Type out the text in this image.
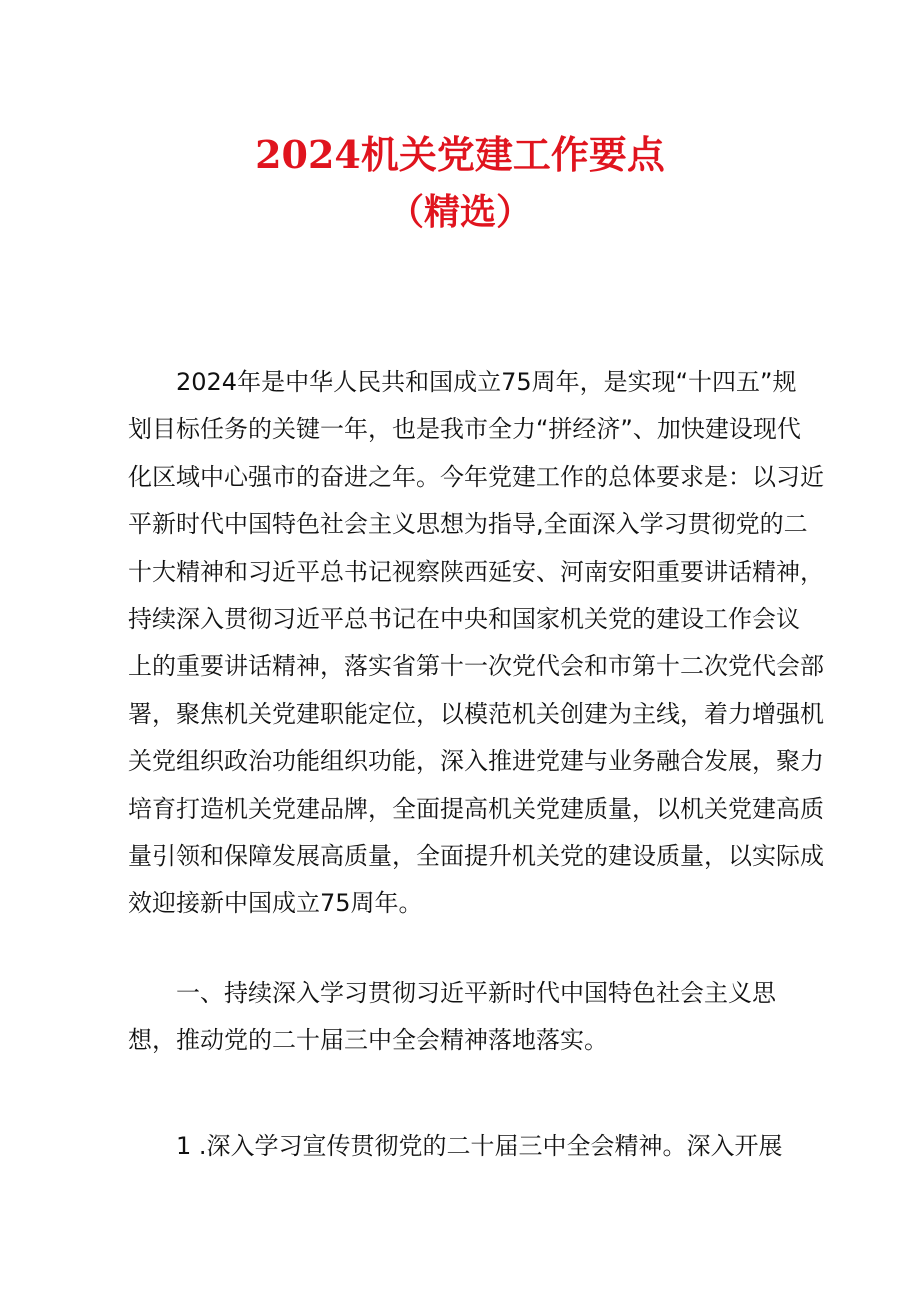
2024机关党建工作要点
（精选）
2024年是中华人民共和国成立75周年，是实现“十四五”规
划目标任务的关键一年，也是我市全力“拼经济”、加快建设现代
化区域中心强市的奋进之年。今年党建工作的总体要求是：以习近
平新时代中国特色社会主义思想为指导,全面深入学习贯彻党的二
十大精神和习近平总书记视察陕西延安、河南安阳重要讲话精神，
持续深入贯彻习近平总书记在中央和国家机关党的建设工作会议
上的重要讲话精神，落实省第十一次党代会和市第十二次党代会部
署，聚焦机关党建职能定位，以模范机关创建为主线，着力增强机
关党组织政治功能组织功能，深入推进党建与业务融合发展，聚力
培育打造机关党建品牌，全面提高机关党建质量，以机关党建高质
量引领和保障发展高质量，全面提升机关党的建设质量，以实际成
效迎接新中国成立75周年。
一、持续深入学习贯彻习近平新时代中国特色社会主义思
想，推动党的二十届三中全会精神落地落实。
1 .深入学习宣传贯彻党的二十届三中全会精神。深入开展
